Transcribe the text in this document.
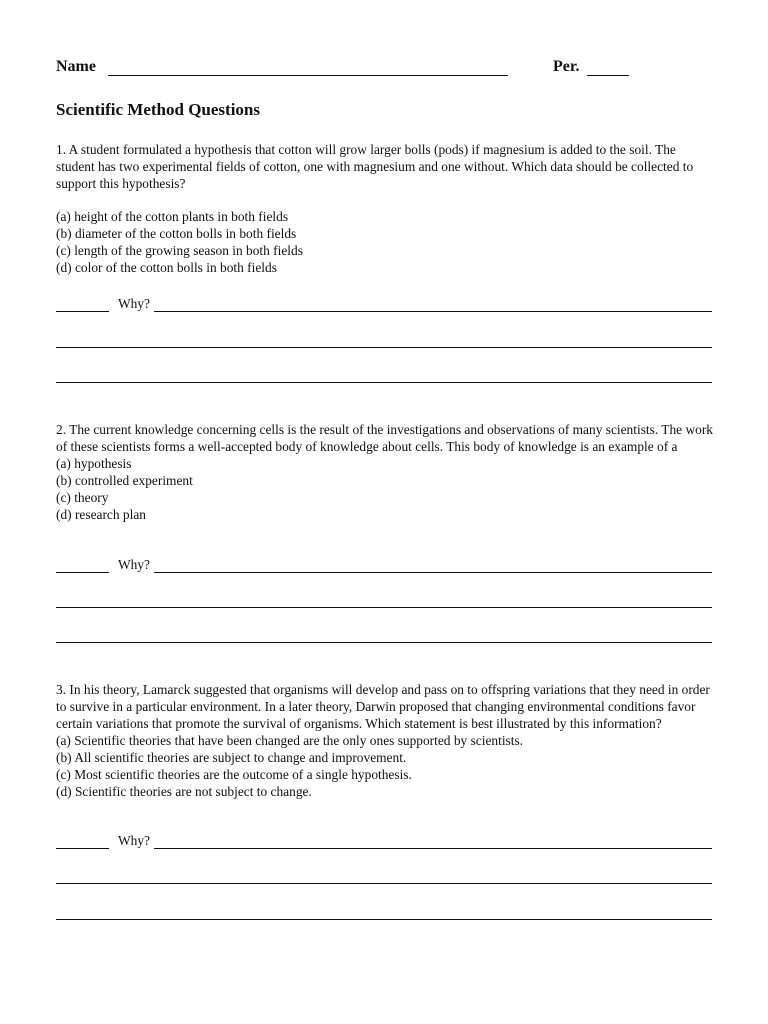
Name	Per.
Scientific Method Questions

1. A student formulated a hypothesis that cotton will grow larger bolls (pods) if magnesium is added to the soil. The student has two experimental fields of cotton, one with magnesium and one without. Which data should be collected to support this hypothesis?

(a) height of the cotton plants in both fields
(b) diameter of the cotton bolls in both fields
(c) length of the growing season in both fields
(d) color of the cotton bolls in both fields
Why?

2. The current knowledge concerning cells is the result of the investigations and observations of many scientists. The work of these scientists forms a well-accepted body of knowledge about cells. This body of knowledge is an example of a

(a) hypothesis
(b) controlled experiment
(c) theory
(d) research plan
Why?

3. In his theory, Lamarck suggested that organisms will develop and pass on to offspring variations that they need in order to survive in a particular environment. In a later theory, Darwin proposed that changing environmental conditions favor certain variations that promote the survival of organisms. Which statement is best illustrated by this information?

(a) Scientific theories that have been changed are the only ones supported by scientists.
(b) All scientific theories are subject to change and improvement.
(c) Most scientific theories are the outcome of a single hypothesis.
(d) Scientific theories are not subject to change.
Why?
